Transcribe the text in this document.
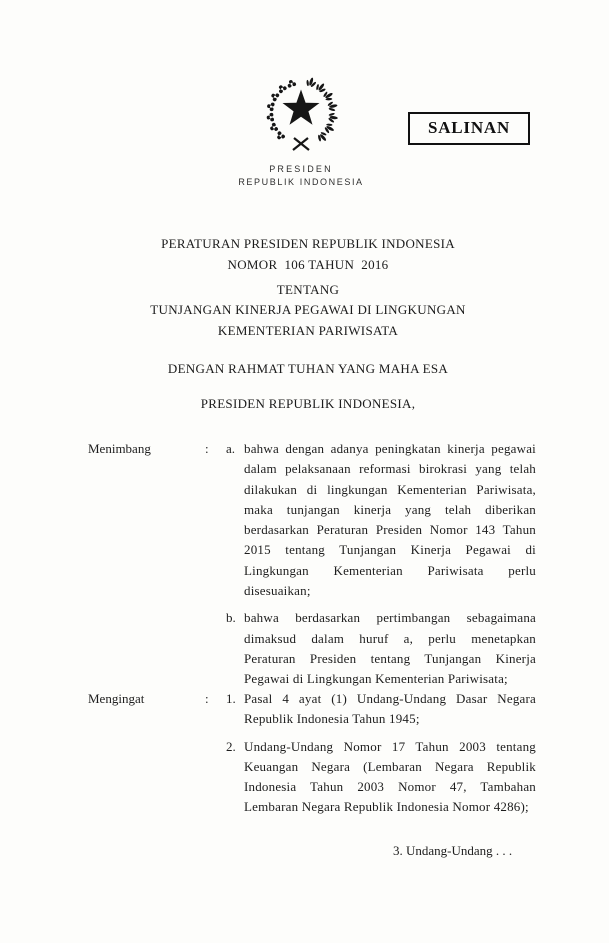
PRESIDEN
REPUBLIK INDONESIA
SALINAN
PERATURAN PRESIDEN REPUBLIK INDONESIA
NOMOR  106 TAHUN  2016
TENTANG
TUNJANGAN KINERJA PEGAWAI DI LINGKUNGAN
KEMENTERIAN PARIWISATA
DENGAN RAHMAT TUHAN YANG MAHA ESA
PRESIDEN REPUBLIK INDONESIA,
Menimbang	: a. bahwa dengan adanya peningkatan kinerja pegawai
dalam pelaksanaan reformasi birokrasi yang telah
dilakukan di lingkungan Kementerian Pariwisata,
maka tunjangan kinerja yang telah diberikan
berdasarkan Peraturan Presiden Nomor 143 Tahun
2015 tentang Tunjangan Kinerja Pegawai di
Lingkungan Kementerian Pariwisata perlu
disesuaikan;
b. bahwa berdasarkan pertimbangan sebagaimana
dimaksud dalam huruf a, perlu menetapkan
Peraturan Presiden tentang Tunjangan Kinerja
Pegawai di Lingkungan Kementerian Pariwisata;
Mengingat	: 1. Pasal 4 ayat (1) Undang-Undang Dasar Negara
Republik Indonesia Tahun 1945;
2. Undang-Undang Nomor 17 Tahun 2003 tentang
Keuangan Negara (Lembaran Negara Republik
Indonesia Tahun 2003 Nomor 47, Tambahan
Lembaran Negara Republik Indonesia Nomor 4286);
3. Undang-Undang . . .
